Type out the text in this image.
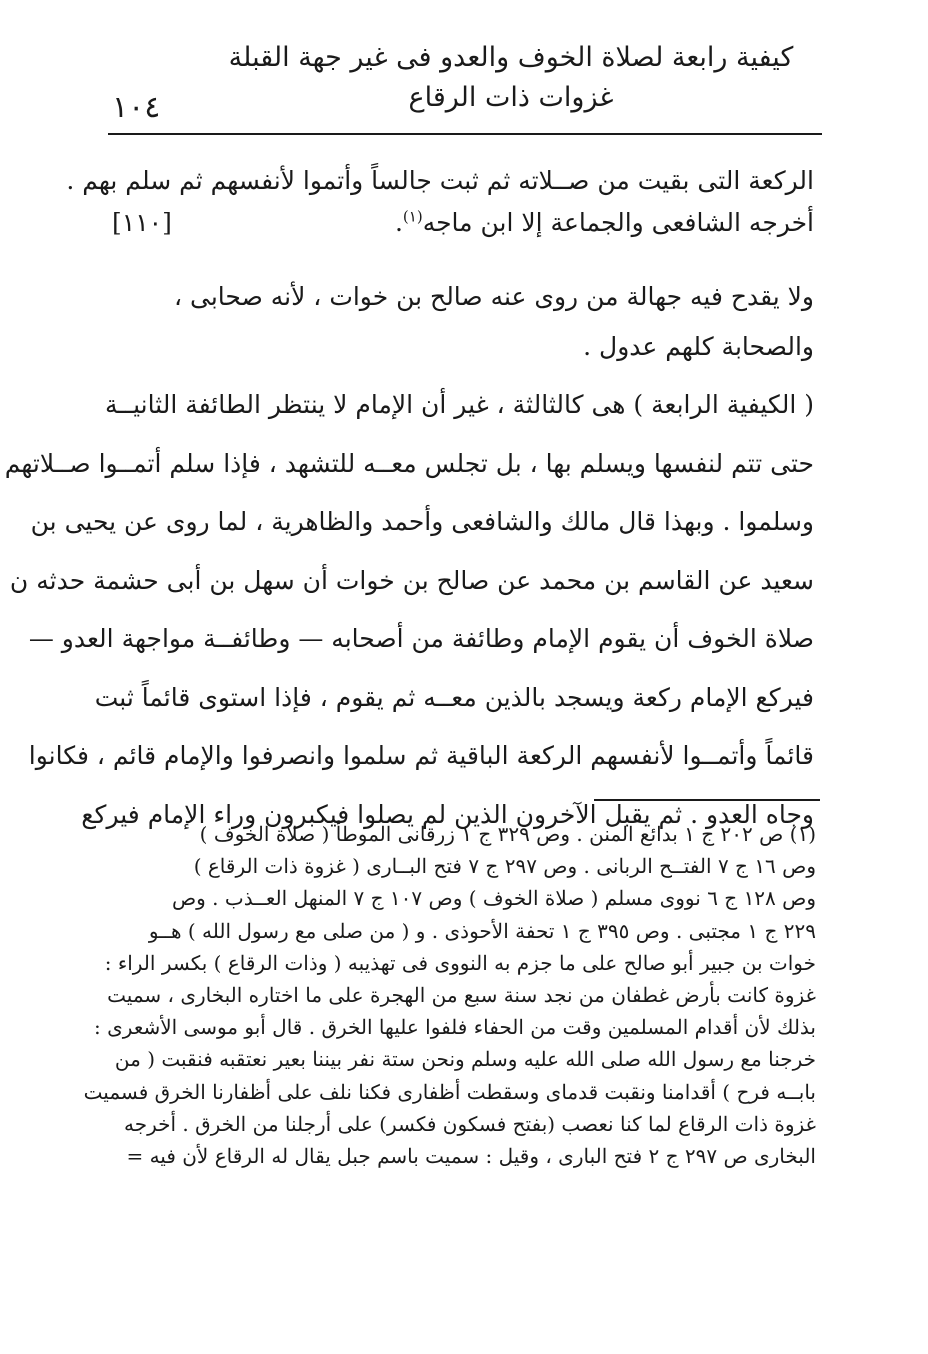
١٠٤
كيفية رابعة لصلاة الخوف والعدو فى غير جهة القبلة
غزوات ذات الرقاع
الركعة التى بقيت من صــلاته ثم ثبت جالساً وأتموا لأنفسهم ثم سلم بهم .
أخرجه الشافعى والجماعة إلا ابن ماجه$^{(١)}$.
[١١٠]
ولا يقدح فيه جهالة من روى عنه صالح بن خوات ، لأنه صحابى ،
والصحابة كلهم عدول .
( الكيفية الرابعة ) هى كالثالثة ، غير أن الإمام لا ينتظر الطائفة الثانيــة
حتى تتم لنفسها ويسلم بها ، بل تجلس معــه للتشهد ، فإذا سلم أتمــوا صــلاتهم
وسلموا . وبهذا قال مالك والشافعى وأحمد والظاهرية ، لما روى عن يحيى بن
سعيد عن القاسم بن محمد عن صالح بن خوات أن سهل بن أبى حشمة حدثه ن
صلاة الخوف أن يقوم الإمام وطائفة من أصحابه — وطائفــة مواجهة العدو —
فيركع الإمام ركعة ويسجد بالذين معــه ثم يقوم ، فإذا استوى قائماً ثبت
قائماً وأتمــوا لأنفسهم الركعة الباقية ثم سلموا وانصرفوا والإمام قائم ، فكانوا
وجاه العدو . ثم يقبل الآخرون الذين لم يصلوا فيكبرون وراء الإمام فيركع
(١) ص ٢٠٢ ج ١ بدائع المنن . وص ٣٢٩ ج ١ زرقانى الموطأ ( صلاة الخوف )
وص ١٦ ج ٧ الفتــح الربانى . وص ٢٩٧ ج ٧ فتح البــارى ( غزوة ذات الرقاع )
وص ١٢٨ ج ٦ نووى مسلم ( صلاة الخوف ) وص ١٠٧ ج ٧ المنهل العــذب . وص
٢٢٩ ج ١ مجتبى . وص ٣٩٥ ج ١ تحفة الأحوذى . و ( من صلى مع رسول الله ) هــو
خوات بن جبير أبو صالح على ما جزم به النووى فى تهذيبه ( وذات الرقاع ) بكسر الراء :
غزوة كانت بأرض غطفان من نجد سنة سبع من الهجرة على ما اختاره البخارى ، سميت
بذلك لأن أقدام المسلمين وقت من الحفاء فلفوا عليها الخرق . قال أبو موسى الأشعرى :
خرجنا مع رسول الله صلى الله عليه وسلم ونحن ستة نفر بيننا بعير نعتقبه فنقبت ( من
بابــه فرح ) أقدامنا ونقبت قدماى وسقطت أظفارى فكنا نلف على أظفارنا الخرق فسميت
غزوة ذات الرقاع لما كنا نعصب (بفتح فسكون فكسر) على أرجلنا من الخرق . أخرجه
البخارى ص ٢٩٧ ج ٢ فتح البارى ، وقيل : سميت باسم جبل يقال له الرقاع لأن فيه =
